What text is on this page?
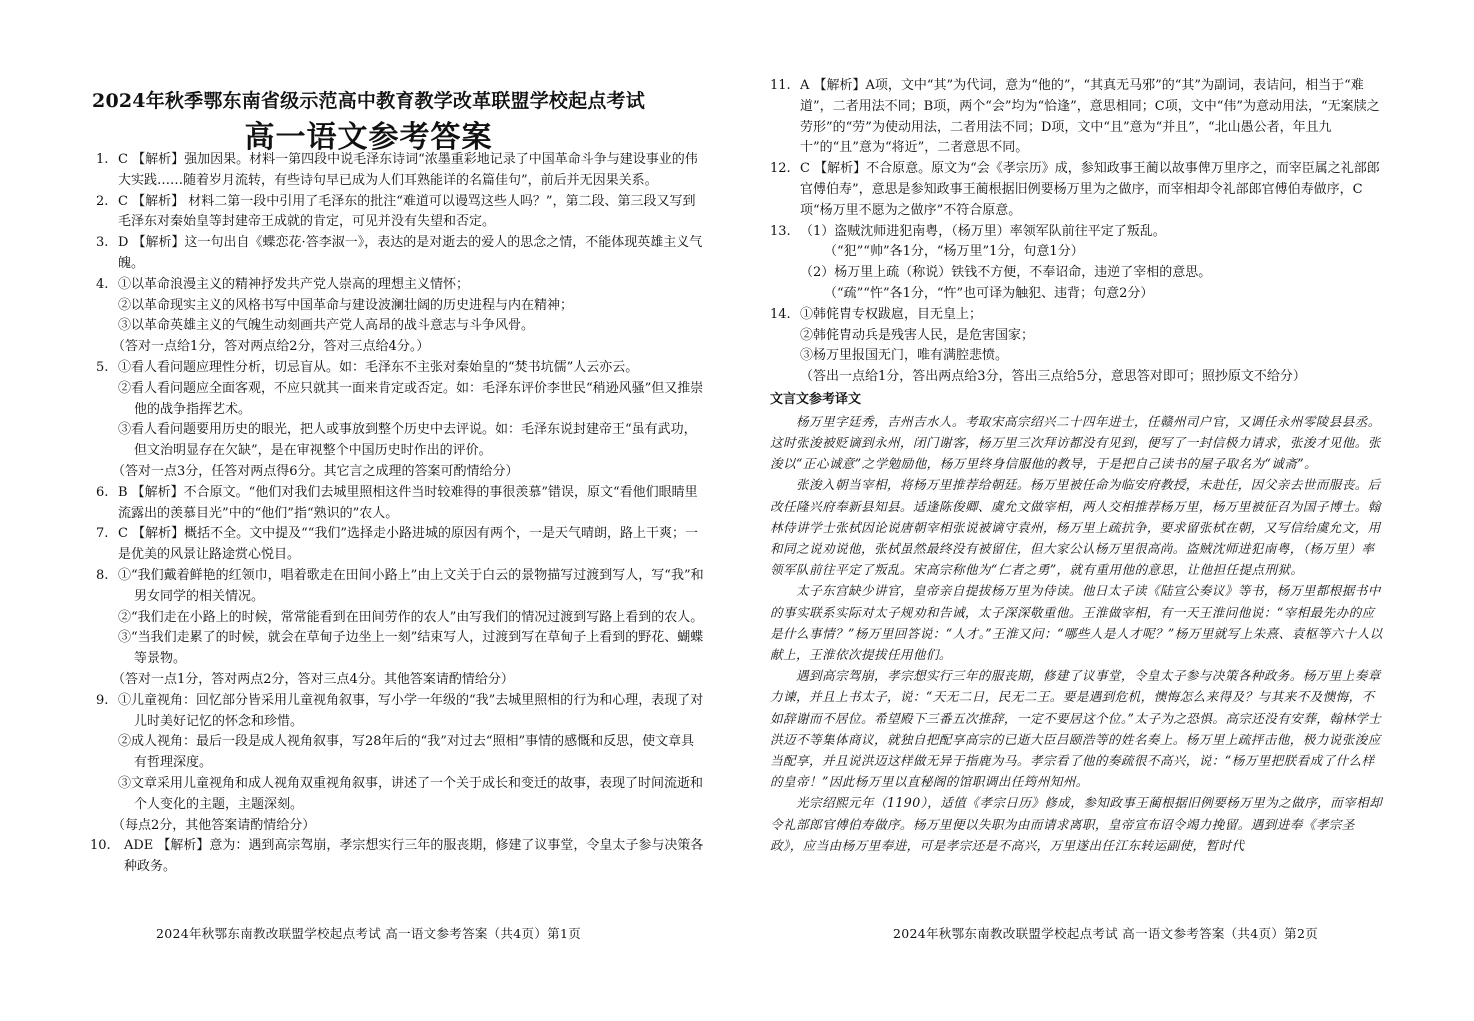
2024年秋季鄂东南省级示范高中教育教学改革联盟学校起点考试
高一语文参考答案
1. C 【解析】强加因果。材料一第四段中说毛泽东诗词“浓墨重彩地记录了中国革命斗争与建设事业的伟大实践……随着岁月流转，有些诗句早已成为人们耳熟能详的名篇佳句”，前后并无因果关系。
2. C 【解析】 材料二第一段中引用了毛泽东的批注“难道可以谩骂这些人吗？”，第二段、第三段又写到毛泽东对秦始皇等封建帝王成就的肯定，可见并没有失望和否定。
3. D 【解析】这一句出自《蝶恋花·答李淑一》，表达的是对逝去的爱人的思念之情，不能体现英雄主义气魄。
4. ①以革命浪漫主义的精神抒发共产党人崇高的理想主义情怀；
②以革命现实主义的风格书写中国革命与建设波澜壮阔的历史进程与内在精神；
③以革命英雄主义的气魄生动刻画共产党人高昂的战斗意志与斗争风骨。
（答对一点给1分，答对两点给2分，答对三点给4分。）
5. ①看人看问题应理性分析，切忌盲从。如：毛泽东不主张对秦始皇的“焚书坑儒”人云亦云。
②看人看问题应全面客观，不应只就其一面来肯定或否定。如：毛泽东评价李世民“稍逊风骚”但又推崇他的战争指挥艺术。
③看人看问题要用历史的眼光，把人或事放到整个历史中去评说。如：毛泽东说封建帝王“虽有武功，但文治明显存在欠缺”，是在审视整个中国历史时作出的评价。
（答对一点3分，任答对两点得6分。其它言之成理的答案可酌情给分）
6. B 【解析】不合原文。“他们对我们去城里照相这件当时较难得的事很羡慕”错误，原文“看他们眼睛里流露出的羡慕目光”中的“他们”指“熟识的”农人。
7. C 【解析】概括不全。文中提及““我们”选择走小路进城的原因有两个，一是天气晴朗，路上干爽；一是优美的风景让路途赏心悦目。
8. ①“我们戴着鲜艳的红领巾，唱着歌走在田间小路上”由上文关于白云的景物描写过渡到写人，写“我”和男女同学的相关情况。
②“我们走在小路上的时候，常常能看到在田间劳作的农人”由写我们的情况过渡到写路上看到的农人。
③“当我们走累了的时候，就会在草甸子边坐上一刻”结束写人，过渡到写在草甸子上看到的野花、蝴蝶等景物。
（答对一点1分，答对两点2分，答对三点4分。其他答案请酌情给分）
9. ①儿童视角：回忆部分皆采用儿童视角叙事，写小学一年级的“我”去城里照相的行为和心理，表现了对儿时美好记忆的怀念和珍惜。
②成人视角：最后一段是成人视角叙事，写28年后的“我”对过去“照相”事情的感慨和反思，使文章具有哲理深度。
③文章采用儿童视角和成人视角双重视角叙事，讲述了一个关于成长和变迁的故事，表现了时间流逝和个人变化的主题，主题深刻。
（每点2分，其他答案请酌情给分）
10. ADE 【解析】意为：遇到高宗驾崩，孝宗想实行三年的服丧期，修建了议事堂，令皇太子参与决策各种政务。
2024年秋鄂东南教改联盟学校起点考试 高一语文参考答案（共4页）第1页
11. A 【解析】A项，文中“其”为代词，意为“他的”，“其真无马邪”的“其”为副词，表诘问，相当于“难道”，二者用法不同；B项，两个“会”均为“恰逢”，意思相同；C项，文中“伟”为意动用法，“无案牍之劳形”的“劳”为使动用法，二者用法不同；D项，文中“且”意为“并且”，“北山愚公者，年且九十”的“且”意为“将近”，二者意思不同。
12. C 【解析】不合原意。原文为“会《孝宗历》成，参知政事王蔺以故事俾万里序之，而宰臣属之礼部郎官傅伯寿”，意思是参知政事王蔺根据旧例要杨万里为之做序，而宰相却令礼部郎官傅伯寿做序，C项“杨万里不愿为之做序”不符合原意。
13. （1）盗贼沈师进犯南粤，（杨万里）率领军队前往平定了叛乱。
（“犯”“帅”各1分，“杨万里”1分，句意1分）
（2）杨万里上疏（称说）铁钱不方便，不奉诏命，违逆了宰相的意思。
（“疏”“忤”各1分，“忤”也可译为触犯、违背；句意2分）
14. ①韩侂胄专权跋扈，目无皇上；
②韩侂胄动兵是残害人民，是危害国家；
③杨万里报国无门，唯有满腔悲愤。
（答出一点给1分，答出两点给3分，答出三点给5分，意思答对即可；照抄原文不给分）
文言文参考译文
杨万里字廷秀，吉州吉水人。考取宋高宗绍兴二十四年进士，任赣州司户官，又调任永州零陵县县丞。这时张浚被贬谪到永州，闭门谢客，杨万里三次拜访都没有见到，便写了一封信极力请求，张浚才见他。张浚以“正心诚意”之学勉励他，杨万里终身信服他的教导，于是把自己读书的屋子取名为“诚斋”。
张浚入朝当宰相，将杨万里推荐给朝廷。杨万里被任命为临安府教授，未赴任，因父亲去世而服丧。后改任隆兴府奉新县知县。适逢陈俊卿、虞允文做宰相，两人交相推荐杨万里，杨万里被征召为国子博士。翰林侍讲学士张栻因论说唐朝宰相张说被谪守袁州，杨万里上疏抗争，要求留张栻在朝，又写信给虞允文，用和同之说劝说他，张栻虽然最终没有被留住，但大家公认杨万里很高尚。盗贼沈师进犯南粤，（杨万里）率领军队前往平定了叛乱。宋高宗称他为“仁者之勇”，就有重用他的意思，让他担任提点刑狱。
太子东宫缺少讲官，皇帝亲自提拔杨万里为侍读。他日太子读《陆宣公奏议》等书，杨万里都根据书中的事实联系实际对太子规劝和告诫，太子深深敬重他。王淮做宰相，有一天王淮问他说：“宰相最先办的应是什么事情？”杨万里回答说：“人才。”王淮又问：“哪些人是人才呢？”杨万里就写上朱熹、袁枢等六十人以献上，王淮依次提拔任用他们。
遇到高宗驾崩，孝宗想实行三年的服丧期，修建了议事堂，令皇太子参与决策各种政务。杨万里上奏章力谏，并且上书太子，说：“天无二日，民无二王。要是遇到危机，懊悔怎么来得及？与其来不及懊悔，不如辞谢而不居位。希望殿下三番五次推辞，一定不要居这个位。”太子为之恐惧。高宗还没有安葬，翰林学士洪迈不等集体商议，就独自把配享高宗的已逝大臣吕颐浩等的姓名奏上。杨万里上疏抨击他，极力说张浚应当配享，并且说洪迈这样做无异于指鹿为马。孝宗看了他的奏疏很不高兴，说：“杨万里把朕看成了什么样的皇帝！”因此杨万里以直秘阁的馆职调出任筠州知州。
光宗绍熙元年（1190），适值《孝宗日历》修成，参知政事王蔺根据旧例要杨万里为之做序，而宰相却令礼部郎官傅伯寿做序。杨万里便以失职为由而请求离职，皇帝宣布诏令竭力挽留。遇到进奉《孝宗圣政》，应当由杨万里奉进，可是孝宗还是不高兴，万里遂出任江东转运副使，暂时代
2024年秋鄂东南教改联盟学校起点考试 高一语文参考答案（共4页）第2页
